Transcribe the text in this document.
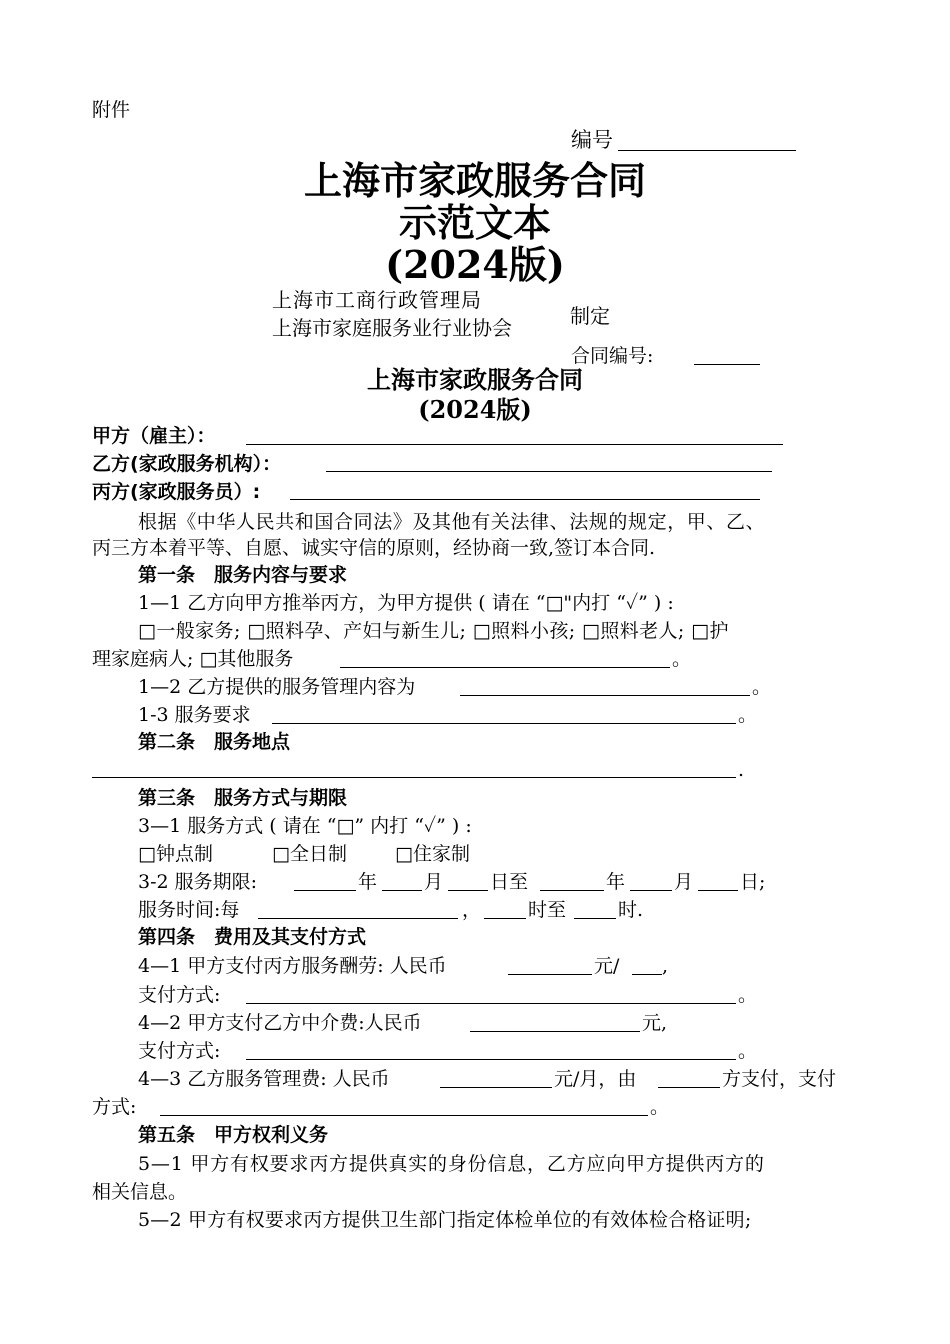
附件
编号
上海市家政服务合同
示范文本
(2024版)
上海市工商行政管理局
上海市家庭服务业行业协会	制定
合同编号:
上海市家政服务合同
(2024版)
甲方（雇主）：
乙方(家政服务机构）：
丙方(家政服务员）:
根据《中华人民共和国合同法》及其他有关法律、法规的规定，甲、乙、
丙三方本着平等、自愿、诚实守信的原则，经协商一致,签订本合同.
第一条　服务内容与要求
1—1 乙方向甲方推举丙方，为甲方提供 ( 请在 “□"内打 “✓” ) :
□一般家务; □照料孕、产妇与新生儿; □照料小孩; □照料老人; □护
理家庭病人; □其他服务	。
1—2 乙方提供的服务管理内容为	。
1-3 服务要求	。
第二条　服务地点
.
第三条　服务方式与期限
3—1 服务方式 ( 请在 “□” 内打 “✓” ) :
□钟点制	□全日制	□住家制
3-2 服务期限:	年 月 日至	年	月 日;
服务时间:每	， 时至	时.
第四条　费用及其支付方式
4—1 甲方支付丙方服务酬劳: 人民币	元/ ,
支付方式:	。
4—2 甲方支付乙方中介费:人民币	元,
支付方式:	。
4—3 乙方服务管理费: 人民币	元/月，由	方支付，支付
方式:	。
第五条　甲方权利义务
5—1 甲方有权要求丙方提供真实的身份信息，乙方应向甲方提供丙方的
相关信息。
5—2 甲方有权要求丙方提供卫生部门指定体检单位的有效体检合格证明;
